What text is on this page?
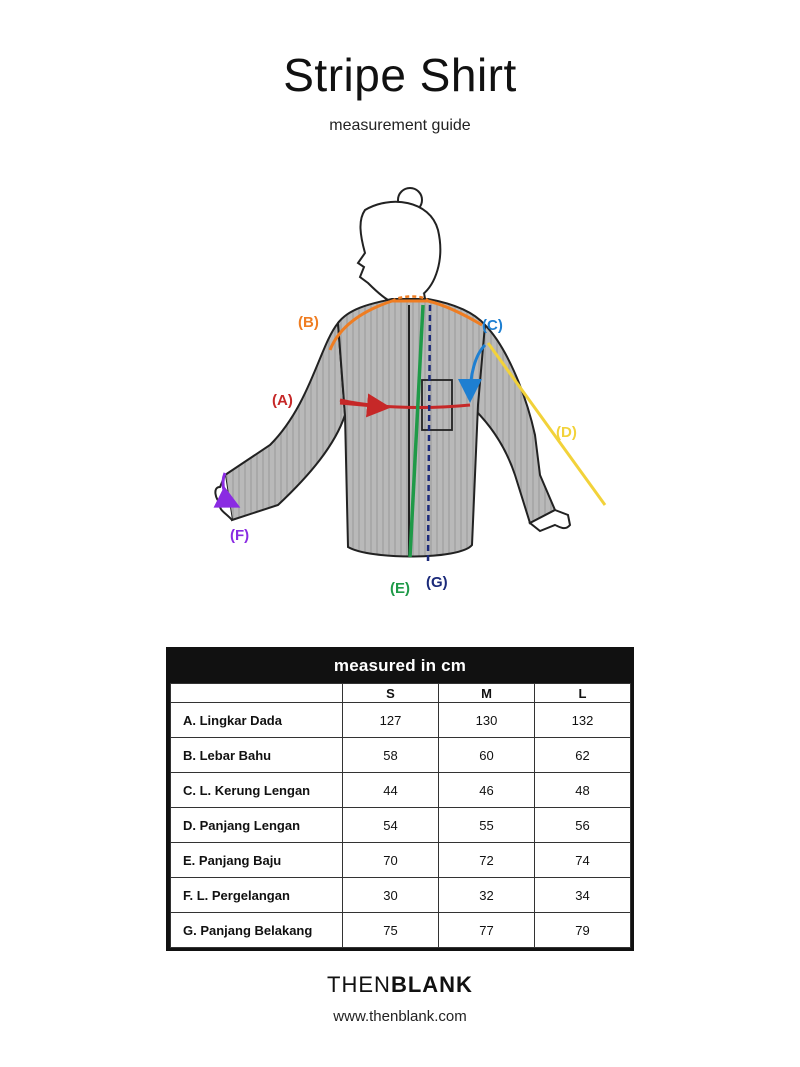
Stripe Shirt
measurement guide
(B)	(C)
(A)
(D)
(F)
(E) (G)
measured in cm
	S	M	L
A. Lingkar Dada	127	130	132
B. Lebar Bahu	58	60	62
C. L. Kerung Lengan	44	46	48
D. Panjang Lengan	54	55	56
E. Panjang Baju	70	72	74
F. L. Pergelangan	30	32	34
G. Panjang Belakang	75	77	79
THENBLANK
www.thenblank.com
